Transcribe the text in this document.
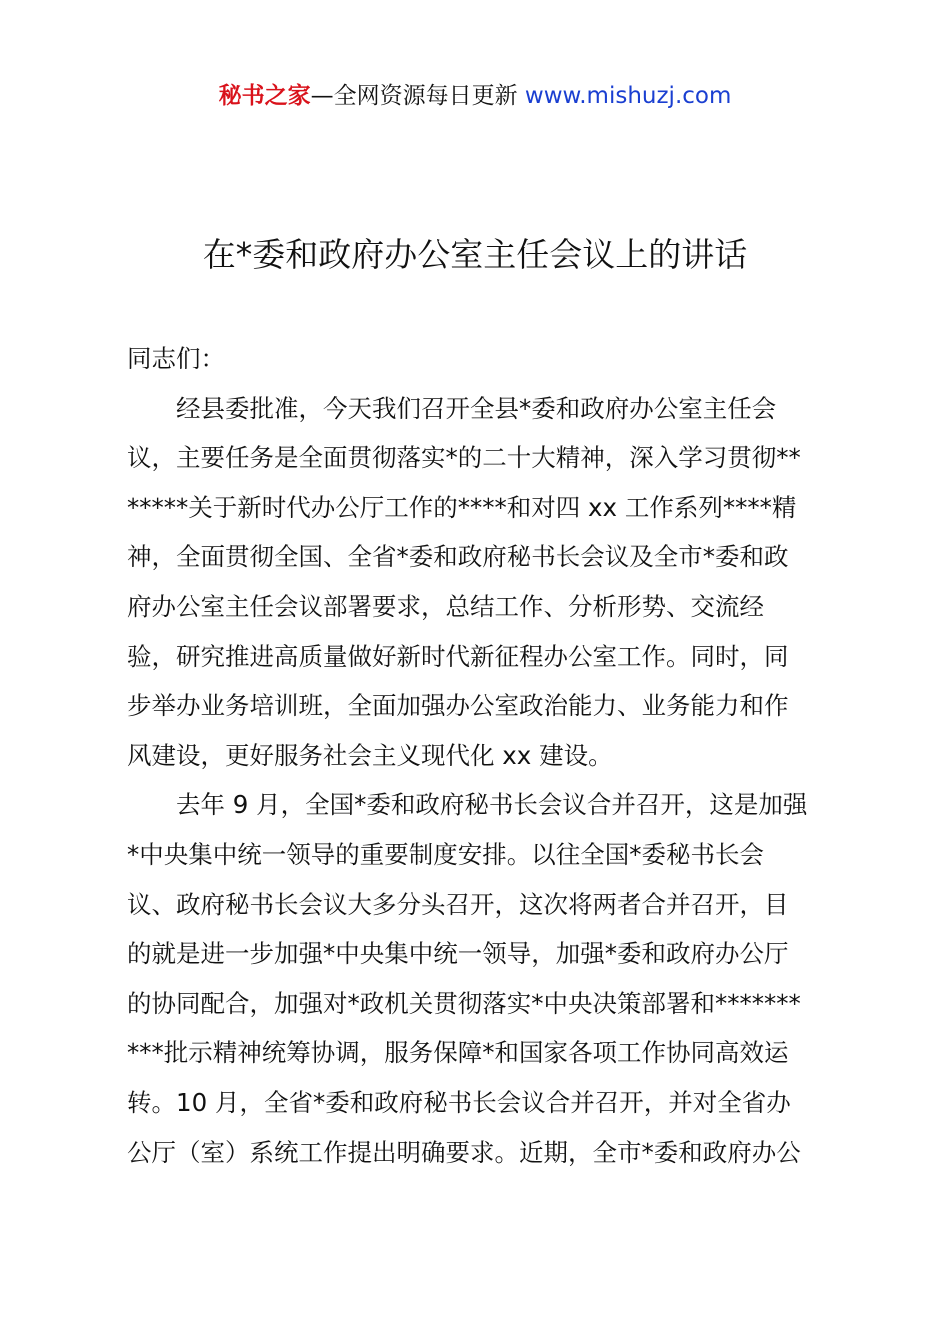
秘书之家—全网资源每日更新 www.mishuzj.com
在*委和政府办公室主任会议上的讲话
同志们：
经县委批准，今天我们召开全县*委和政府办公室主任会
议，主要任务是全面贯彻落实*的二十大精神，深入学习贯彻**
*****关于新时代办公厅工作的****和对四 xx 工作系列****精
神，全面贯彻全国、全省*委和政府秘书长会议及全市*委和政
府办公室主任会议部署要求，总结工作、分析形势、交流经
验，研究推进高质量做好新时代新征程办公室工作。同时，同
步举办业务培训班，全面加强办公室政治能力、业务能力和作
风建设，更好服务社会主义现代化 xx 建设。
去年 9 月，全国*委和政府秘书长会议合并召开，这是加强
*中央集中统一领导的重要制度安排。以往全国*委秘书长会
议、政府秘书长会议大多分头召开，这次将两者合并召开，目
的就是进一步加强*中央集中统一领导，加强*委和政府办公厅
的协同配合，加强对*政机关贯彻落实*中央决策部署和*******
***批示精神统筹协调，服务保障*和国家各项工作协同高效运
转。10 月，全省*委和政府秘书长会议合并召开，并对全省办
公厅（室）系统工作提出明确要求。近期，全市*委和政府办公
